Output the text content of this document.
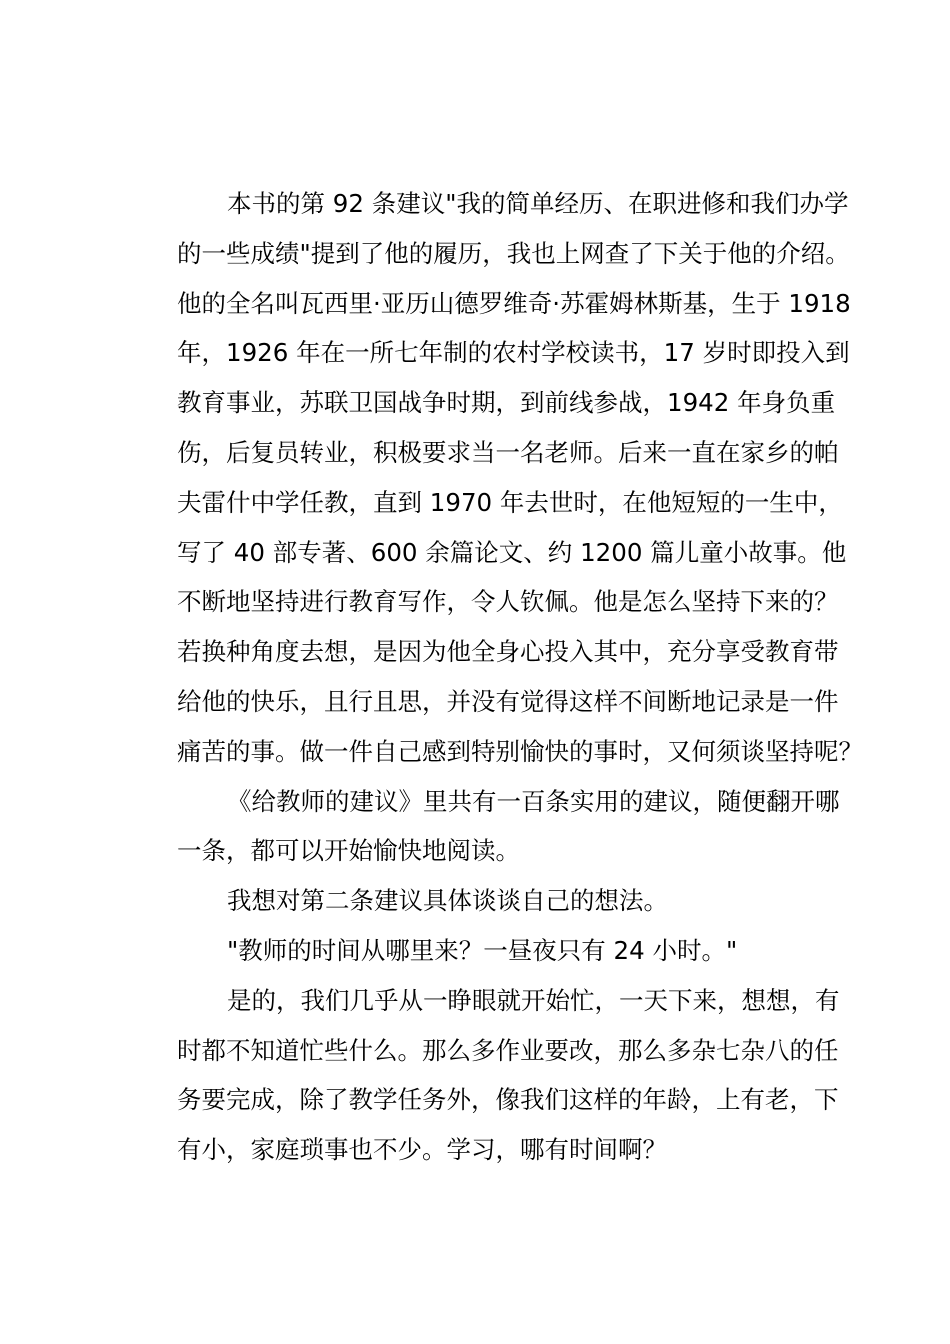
本书的第 92 条建议"我的简单经历、在职进修和我们办学
的一些成绩"提到了他的履历，我也上网查了下关于他的介绍。
他的全名叫瓦西里·亚历山德罗维奇·苏霍姆林斯基，生于 1918
年，1926 年在一所七年制的农村学校读书，17 岁时即投入到
教育事业，苏联卫国战争时期，到前线参战，1942 年身负重
伤，后复员转业，积极要求当一名老师。后来一直在家乡的帕
夫雷什中学任教，直到 1970 年去世时，在他短短的一生中，
写了 40 部专著、600 余篇论文、约 1200 篇儿童小故事。他
不断地坚持进行教育写作，令人钦佩。他是怎么坚持下来的？
若换种角度去想，是因为他全身心投入其中，充分享受教育带
给他的快乐，且行且思，并没有觉得这样不间断地记录是一件
痛苦的事。做一件自己感到特别愉快的事时，又何须谈坚持呢？
《给教师的建议》里共有一百条实用的建议，随便翻开哪
一条，都可以开始愉快地阅读。
我想对第二条建议具体谈谈自己的想法。
"教师的时间从哪里来？一昼夜只有 24 小时。"
是的，我们几乎从一睁眼就开始忙，一天下来，想想，有
时都不知道忙些什么。那么多作业要改，那么多杂七杂八的任
务要完成，除了教学任务外，像我们这样的年龄，上有老，下
有小，家庭琐事也不少。学习，哪有时间啊？
